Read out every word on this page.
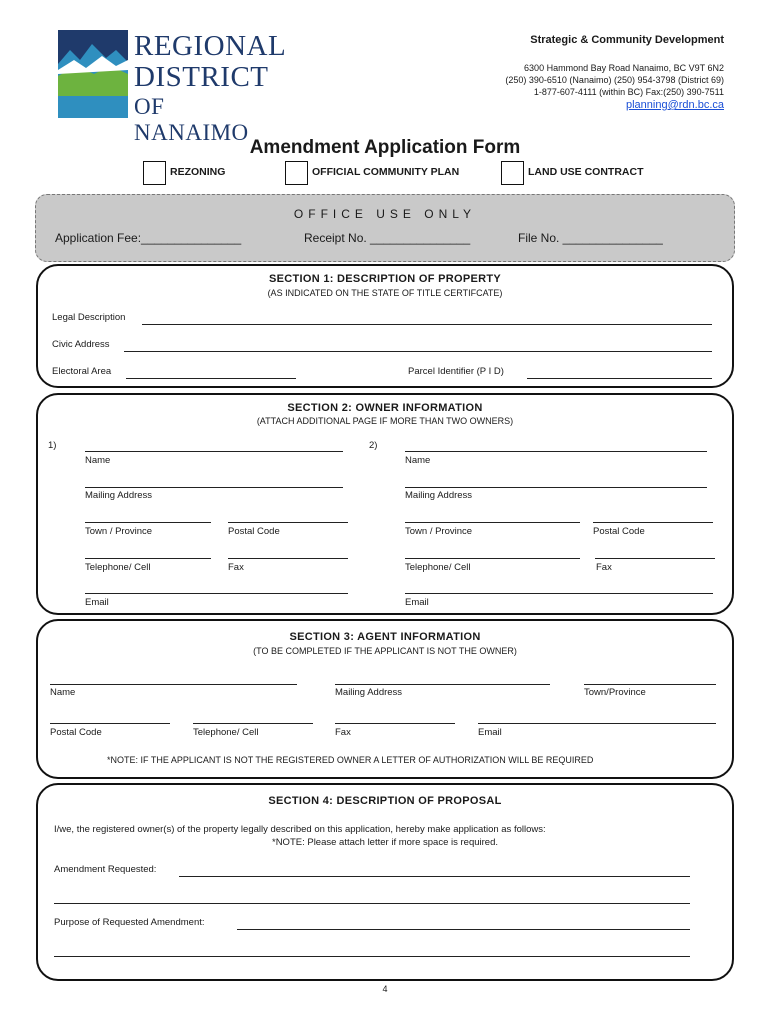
REGIONAL
DISTRICT
OF NANAIMO
Strategic & Community Development
6300 Hammond Bay Road Nanaimo, BC V9T 6N2
(250) 390-6510 (Nanaimo) (250) 954-3798 (District 69)
1-877-607-4111 (within BC) Fax:(250) 390-7511
planning@rdn.bc.ca
Amendment Application Form
REZONING	OFFICIAL COMMUNITY PLAN	LAND USE CONTRACT
OFFICE USE ONLY
Application Fee:_______________	Receipt No. _______________	File No. _______________
SECTION 1: DESCRIPTION OF PROPERTY
(AS INDICATED ON THE STATE OF TITLE CERTIFCATE)
Legal Description
Civic Address
Electoral Area	Parcel Identifier (P I D)
SECTION 2: OWNER INFORMATION
(ATTACH ADDITIONAL PAGE IF MORE THAN TWO OWNERS)
1)
Name
Mailing Address
Town / Province	Postal Code
Telephone/ Cell	Fax
Email
2)
Name
Mailing Address
Town / Province	Postal Code
Telephone/ Cell	Fax
Email
SECTION 3: AGENT INFORMATION
(TO BE COMPLETED IF THE APPLICANT IS NOT THE OWNER)
Name	Mailing Address	Town/Province
Postal Code	Telephone/ Cell	Fax	Email
*NOTE: IF THE APPLICANT IS NOT THE REGISTERED OWNER A LETTER OF AUTHORIZATION WILL BE REQUIRED
SECTION 4: DESCRIPTION OF PROPOSAL
I/we, the registered owner(s) of the property legally described on this application, hereby make application as follows:
*NOTE: Please attach letter if more space is required.
Amendment Requested:
Purpose of Requested Amendment:
4
